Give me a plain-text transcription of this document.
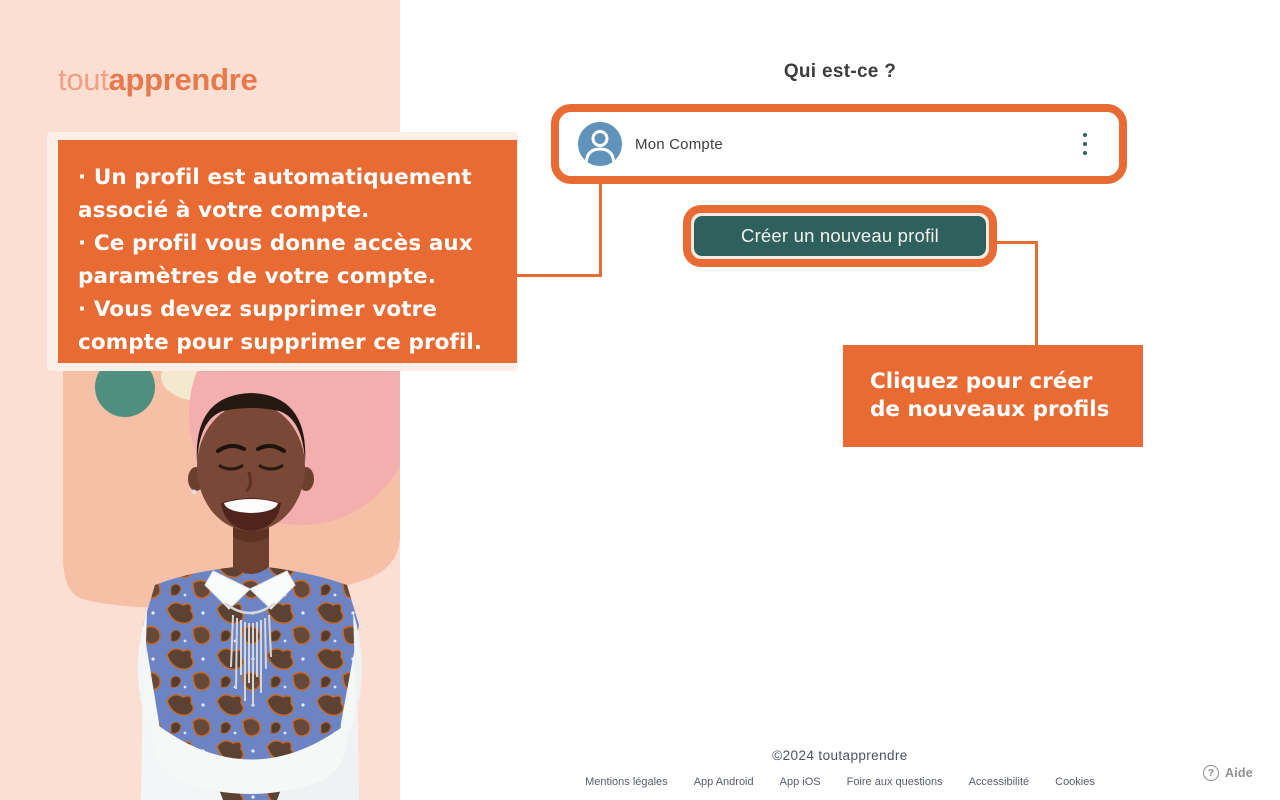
toutapprendre	Qui est-ce ?
Mon Compte
Créer un nouveau profil
©2024 toutapprendre
Mentions légales App Android App iOS Foire aux questions Accessibilité Cookies
? Aide
· Un profil est automatiquement
associé à votre compte.
· Ce profil vous donne accès aux
paramètres de votre compte.
· Vous devez supprimer votre
compte pour supprimer ce profil.
Cliquez pour créer
de nouveaux profils
